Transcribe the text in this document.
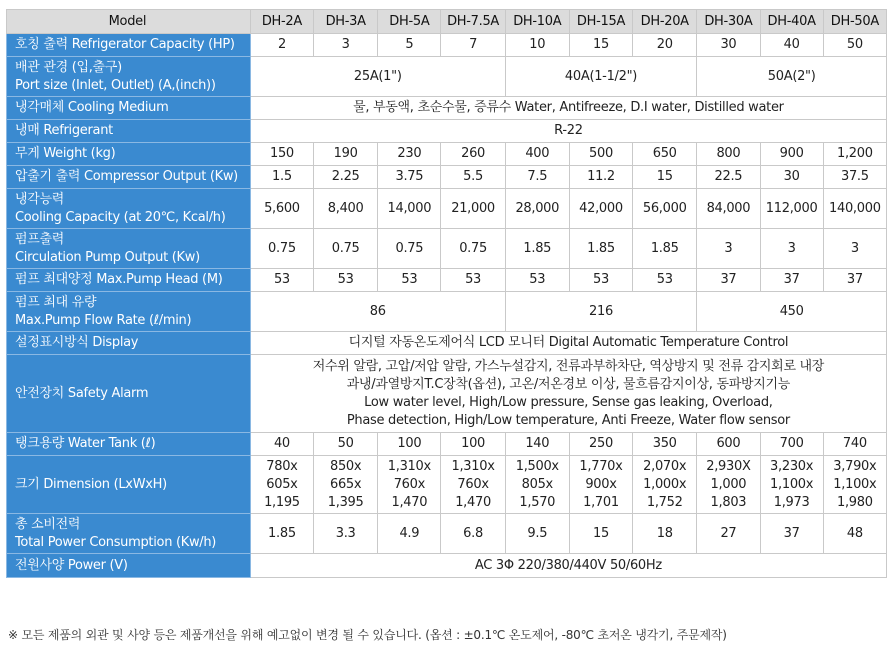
Model	DH-2A	DH-3A	DH-5A	DH-7.5A	DH-10A	DH-15A	DH-20A	DH-30A	DH-40A	DH-50A
호칭 출력 Refrigerator Capacity (HP)	2	3	5	7	10	15	20	30	40	50

배관 관경 (입,출구)
Port size (Inlet, Outlet) (A,(inch))	25A(1")				40A(1-1/2")			50A(2")		
냉각매체 Cooling Medium	물, 부동액, 초순수물, 증류수 Water, Antifreeze, D.I water, Distilled water									
냉매 Refrigerant	R-22									
무게 Weight (kg)	150	190	230	260	400	500	650	800	900	1,200
압출기 출력 Compressor Output (Kw)	1.5	2.25	3.75	5.5	7.5	11.2	15	22.5	30	37.5

냉각능력
Cooling Capacity (at 20℃, Kcal/h)	5,600	8,400	14,000	21,000	28,000	42,000	56,000	84,000	112,000	140,000

펌프출력
Circulation Pump Output (Kw)	0.75	0.75	0.75	0.75	1.85	1.85	1.85	3	3	3
펌프 최대양정 Max.Pump Head (M)	53	53	53	53	53	53	53	37	37	37

펌프 최대 유량
Max.Pump Flow Rate (ℓ/min)	86				216			450		
설정표시방식 Display	디지털 자동온도제어식 LCD 모니터 Digital Automatic Temperature Control									
안전장치 Safety Alarm	저수위 알람, 고압/저압 알람, 가스누설감지, 전류과부하차단, 역상방지 및 전류 감지회로 내장
과냉/과열방지T.C장착(옵션), 고온/저온경보 이상, 물흐름감지이상, 동파방지기능
Low water level, High/Low pressure, Sense gas leaking, Overload,
Phase detection, High/Low temperature, Anti Freeze, Water flow sensor									

탱크용량 Water Tank (ℓ)	40	50	100	100	140	250	350	600	700	740
크기 Dimension (LxWxH)	780x
605x
1,195	850x
665x
1,395	1,310x
760x
1,470	1,310x
760x
1,470	1,500x
805x
1,570	1,770x
900x
1,701	2,070x
1,000x
1,752	2,930X
1,000
1,803	3,230x
1,100x
1,973	3,790x
1,100x
1,980

총 소비전력
Total Power Consumption (Kw/h)	1.85	3.3	4.9	6.8	9.5	15	18	27	37	48
전원사양 Power (V)	AC 3Φ 220/380/440V 50/60Hz									
※ 모든 제품의 외관 및 사양 등은 제품개선을 위해 예고없이 변경 될 수 있습니다. (옵션 : ±0.1℃ 온도제어, -80℃ 초저온 냉각기, 주문제작)
